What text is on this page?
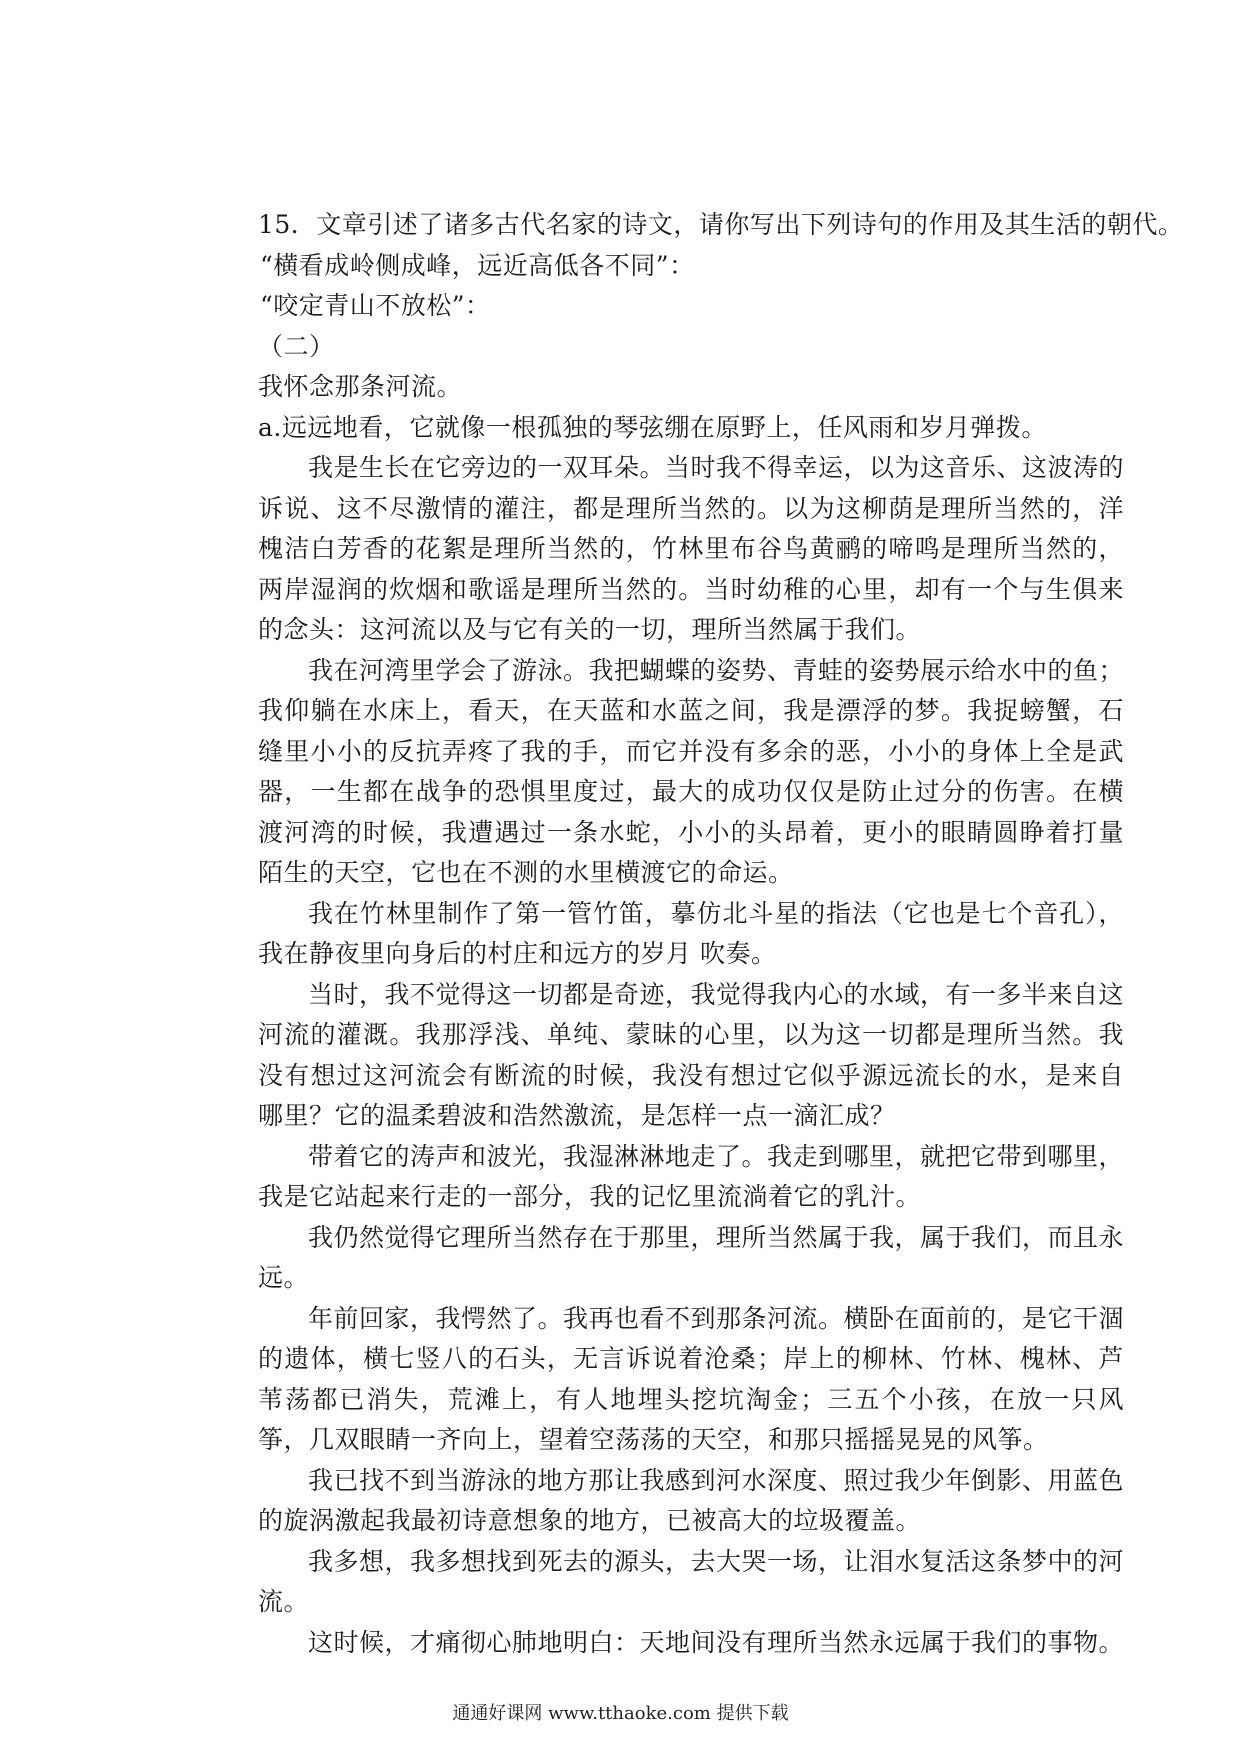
15．文章引述了诸多古代名家的诗文，请你写出下列诗句的作用及其生活的朝代。
“横看成岭侧成峰，远近高低各不同”：
“咬定青山不放松”：
（二）
我怀念那条河流。

a.远远地看，它就像一根孤独的琴弦绷在原野上，任风雨和岁月弹拨。

我是生长在它旁边的一双耳朵。当时我不得幸运，以为这音乐、这波涛的诉说、这不尽激情的灌注，都是理所当然的。以为这柳荫是理所当然的，洋槐洁白芳香的花絮是理所当然的，竹林里布谷鸟黄鹂的啼鸣是理所当然的，两岸湿润的炊烟和歌谣是理所当然的。当时幼稚的心里，却有一个与生俱来的念头：这河流以及与它有关的一切，理所当然属于我们。

我在河湾里学会了游泳。我把蝴蝶的姿势、青蛙的姿势展示给水中的鱼；我仰躺在水床上，看天，在天蓝和水蓝之间，我是漂浮的梦。我捉螃蟹，石缝里小小的反抗弄疼了我的手，而它并没有多余的恶，小小的身体上全是武器，一生都在战争的恐惧里度过，最大的成功仅仅是防止过分的伤害。在横渡河湾的时候，我遭遇过一条水蛇，小小的头昂着，更小的眼睛圆睁着打量陌生的天空，它也在不测的水里横渡它的命运。

我在竹林里制作了第一管竹笛，摹仿北斗星的指法（它也是七个音孔），我在静夜里向身后的村庄和远方的岁月 吹奏。

当时，我不觉得这一切都是奇迹，我觉得我内心的水域，有一多半来自这河流的灌溉。我那浮浅、单纯、蒙昧的心里，以为这一切都是理所当然。我没有想过这河流会有断流的时候，我没有想过它似乎源远流长的水，是来自哪里？它的温柔碧波和浩然激流，是怎样一点一滴汇成？

带着它的涛声和波光，我湿淋淋地走了。我走到哪里，就把它带到哪里，我是它站起来行走的一部分，我的记忆里流淌着它的乳汁。

我仍然觉得它理所当然存在于那里，理所当然属于我，属于我们，而且永远。

年前回家，我愕然了。我再也看不到那条河流。横卧在面前的，是它干涸的遗体，横七竖八的石头，无言诉说着沧桑；岸上的柳林、竹林、槐林、芦苇荡都已消失，荒滩上，有人地埋头挖坑淘金；三五个小孩，在放一只风筝，几双眼睛一齐向上，望着空荡荡的天空，和那只摇摇晃晃的风筝。

我已找不到当游泳的地方那让我感到河水深度、照过我少年倒影、用蓝色的旋涡激起我最初诗意想象的地方，已被高大的垃圾覆盖。

我多想，我多想找到死去的源头，去大哭一场，让泪水复活这条梦中的河流。

这时候，才痛彻心肺地明白：天地间没有理所当然永远属于我们的事物。

通通好课网 www.tthaoke.com 提供下载
